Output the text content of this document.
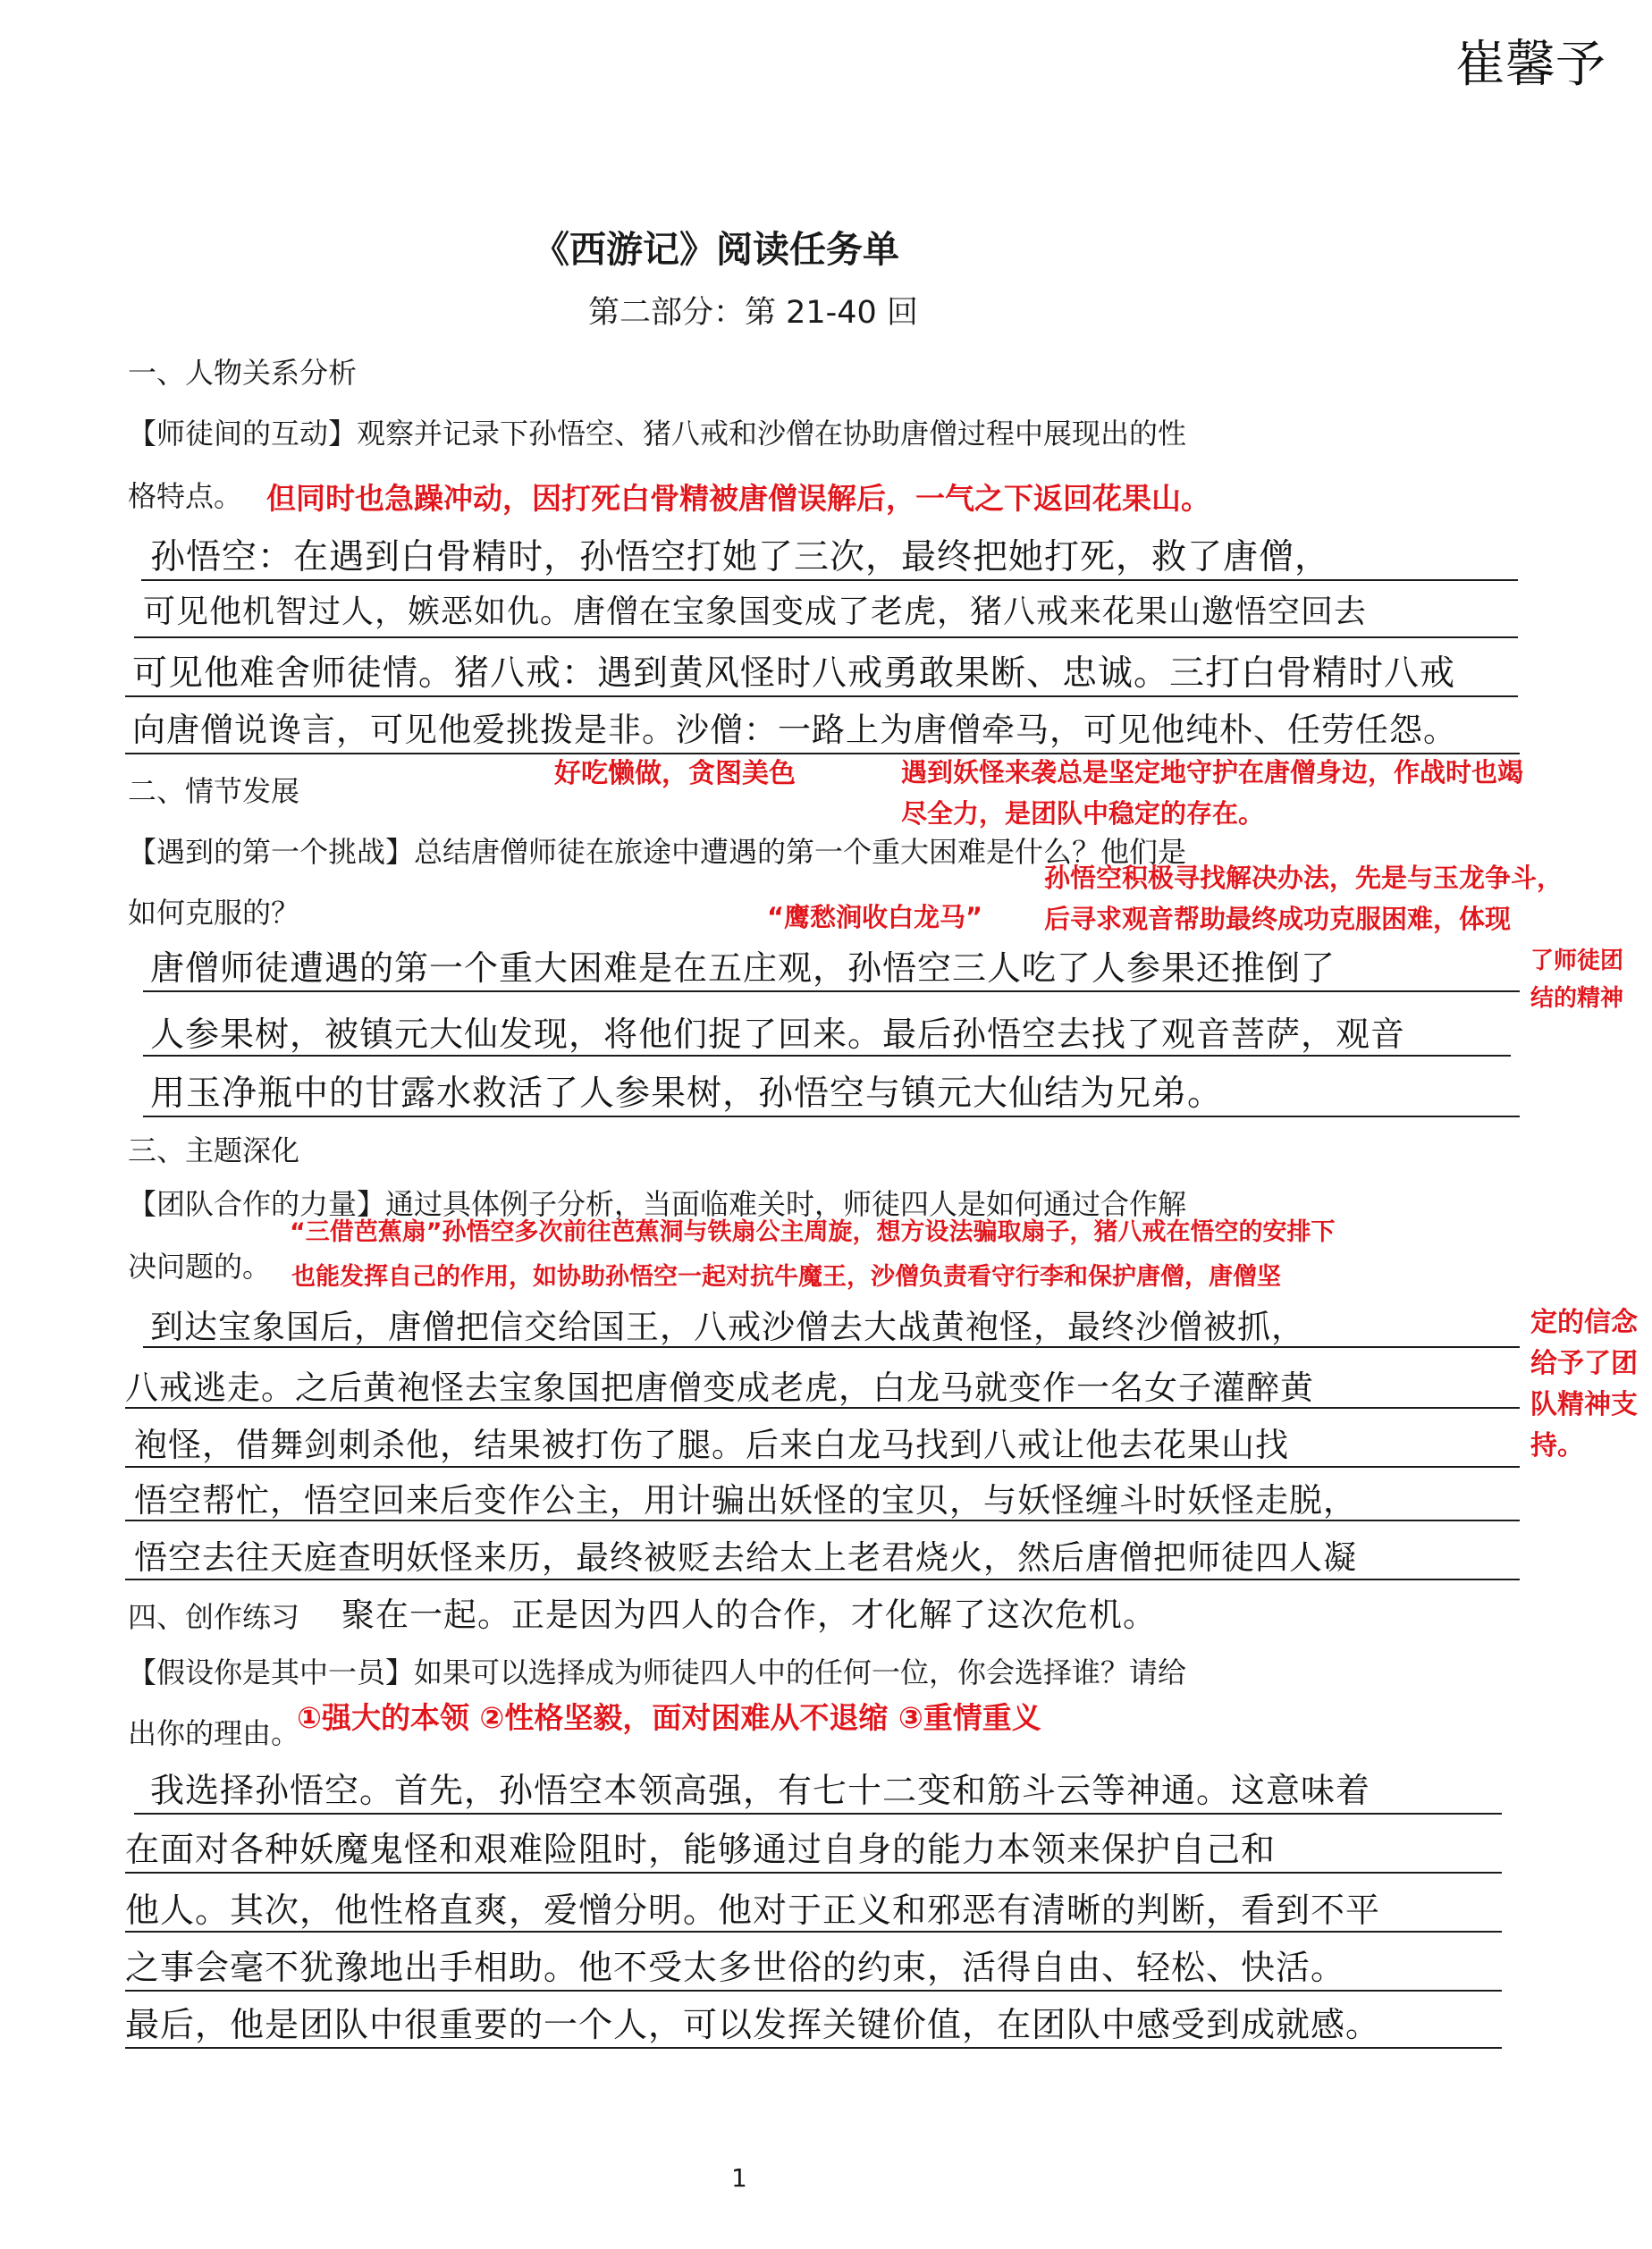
崔馨予
《西游记》阅读任务单
第二部分：第 21-40 回
一、人物关系分析
【师徒间的互动】观察并记录下孙悟空、猪八戒和沙僧在协助唐僧过程中展现出的性
格特点。 但同时也急躁冲动，因打死白骨精被唐僧误解后，一气之下返回花果山。
孙悟空：在遇到白骨精时，孙悟空打她了三次，最终把她打死，救了唐僧，
可见他机智过人，嫉恶如仇。唐僧在宝象国变成了老虎，猪八戒来花果山邀悟空回去
可见他难舍师徒情。猪八戒：遇到黄风怪时八戒勇敢果断、忠诚。三打白骨精时八戒
向唐僧说谗言，可见他爱挑拨是非。沙僧：一路上为唐僧牵马，可见他纯朴、任劳任怨。
好吃懒做，贪图美色	遇到妖怪来袭总是坚定地守护在唐僧身边，作战时也竭
尽全力，是团队中稳定的存在。
二、情节发展
【遇到的第一个挑战】总结唐僧师徒在旅途中遭遇的第一个重大困难是什么？他们是
如何克服的？
孙悟空积极寻找解决办法，先是与玉龙争斗，
“鹰愁涧收白龙马” 后寻求观音帮助最终成功克服困难，体现
了师徒团
结的精神
唐僧师徒遭遇的第一个重大困难是在五庄观，孙悟空三人吃了人参果还推倒了
人参果树，被镇元大仙发现，将他们捉了回来。最后孙悟空去找了观音菩萨，观音
用玉净瓶中的甘露水救活了人参果树，孙悟空与镇元大仙结为兄弟。
三、主题深化
【团队合作的力量】通过具体例子分析，当面临难关时，师徒四人是如何通过合作解
决问题的。
“三借芭蕉扇”孙悟空多次前往芭蕉洞与铁扇公主周旋，想方设法骗取扇子，猪八戒在悟空的安排下
也能发挥自己的作用，如协助孙悟空一起对抗牛魔王，沙僧负责看守行李和保护唐僧，唐僧坚
定的信念
给予了团
队精神支
持。
到达宝象国后，唐僧把信交给国王，八戒沙僧去大战黄袍怪，最终沙僧被抓，
八戒逃走。之后黄袍怪去宝象国把唐僧变成老虎，白龙马就变作一名女子灌醉黄
袍怪，借舞剑刺杀他，结果被打伤了腿。后来白龙马找到八戒让他去花果山找
悟空帮忙，悟空回来后变作公主，用计骗出妖怪的宝贝，与妖怪缠斗时妖怪走脱，
悟空去往天庭查明妖怪来历，最终被贬去给太上老君烧火，然后唐僧把师徒四人凝
聚在一起。正是因为四人的合作，才化解了这次危机。
四、创作练习
【假设你是其中一员】如果可以选择成为师徒四人中的任何一位，你会选择谁？请给
出你的理由。
①强大的本领 ②性格坚毅，面对困难从不退缩 ③重情重义
我选择孙悟空。首先，孙悟空本领高强，有七十二变和筋斗云等神通。这意味着
在面对各种妖魔鬼怪和艰难险阻时，能够通过自身的能力本领来保护自己和
他人。其次，他性格直爽，爱憎分明。他对于正义和邪恶有清晰的判断，看到不平
之事会毫不犹豫地出手相助。他不受太多世俗的约束，活得自由、轻松、快活。
最后，他是团队中很重要的一个人，可以发挥关键价值，在团队中感受到成就感。
1
